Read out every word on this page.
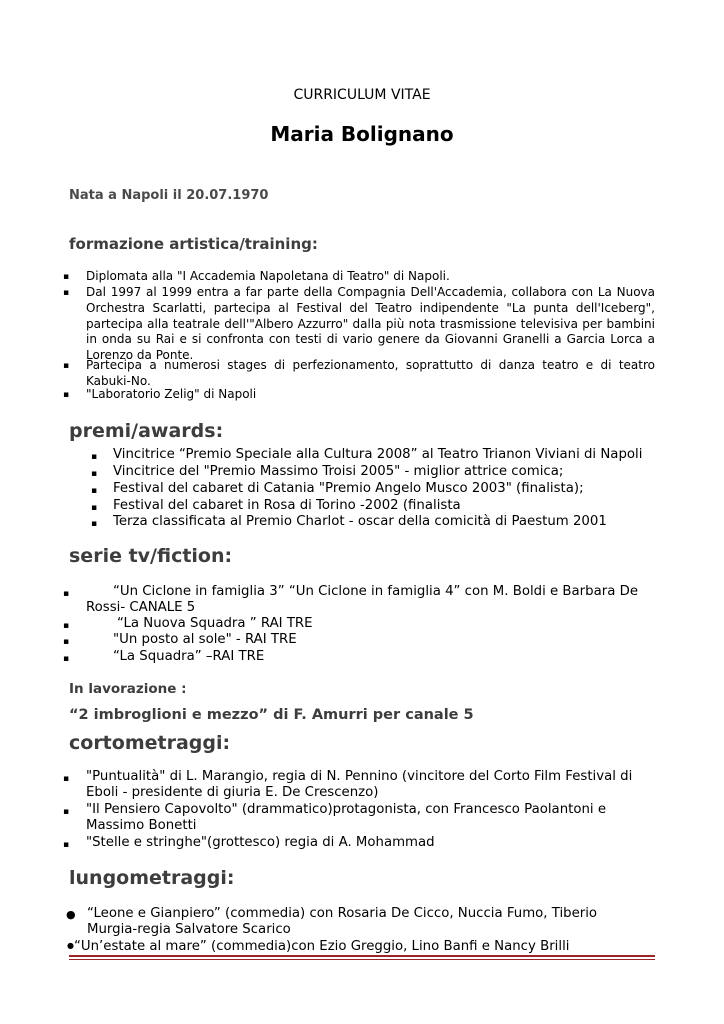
CURRICULUM VITAE
Maria Bolignano
Nata a Napoli il 20.07.1970
formazione artistica/training:
▪ Diplomata alla "I Accademia Napoletana di Teatro" di Napoli.
▪ Dal 1997 al 1999 entra a far parte della Compagnia Dell'Accademia, collabora con La Nuova Orchestra Scarlatti, partecipa al Festival del Teatro indipendente "La punta dell'Iceberg", partecipa alla teatrale dell'"Albero Azzurro" dalla più nota trasmissione televisiva per bambini in onda su Rai e si confronta con testi di vario genere da Giovanni Granelli a Garcia Lorca a Lorenzo da Ponte.
▪ Partecipa a numerosi stages di perfezionamento, soprattutto di danza teatro e di teatro Kabuki-No.
▪ "Laboratorio Zelig" di Napoli
premi/awards:
▪ Vincitrice “Premio Speciale alla Cultura 2008” al Teatro Trianon Viviani di Napoli
▪ Vincitrice del "Premio Massimo Troisi 2005" - miglior attrice comica;
▪ Festival del cabaret di Catania "Premio Angelo Musco 2003" (finalista);
▪ Festival del cabaret in Rosa di Torino -2002 (finalista
▪ Terza classificata al Premio Charlot - oscar della comicità di Paestum 2001
serie tv/fiction:
▪	“Un Ciclone in famiglia 3” “Un Ciclone in famiglia 4” con M. Boldi e Barbara De
Rossi- CANALE 5
▪	“La Nuova Squadra ” RAI TRE
▪	"Un posto al sole" - RAI TRE
▪	“La Squadra” –RAI TRE
In lavorazione :
“2 imbroglioni e mezzo” di F. Amurri per canale 5
cortometraggi:
▪ "Puntualità" di L. Marangio, regia di N. Pennino (vincitore del Corto Film Festival di
Eboli - presidente di giuria E. De Crescenzo)
▪ "Il Pensiero Capovolto" (drammatico)protagonista, con Francesco Paolantoni e
Massimo Bonetti
▪ "Stelle e stringhe"(grottesco) regia di A. Mohammad
lungometraggi:
● “Leone e Gianpiero” (commedia) con Rosaria De Cicco, Nuccia Fumo, Tiberio
Murgia-regia Salvatore Scarico
● “Un’estate al mare” (commedia)con Ezio Greggio, Lino Banfi e Nancy Brilli
